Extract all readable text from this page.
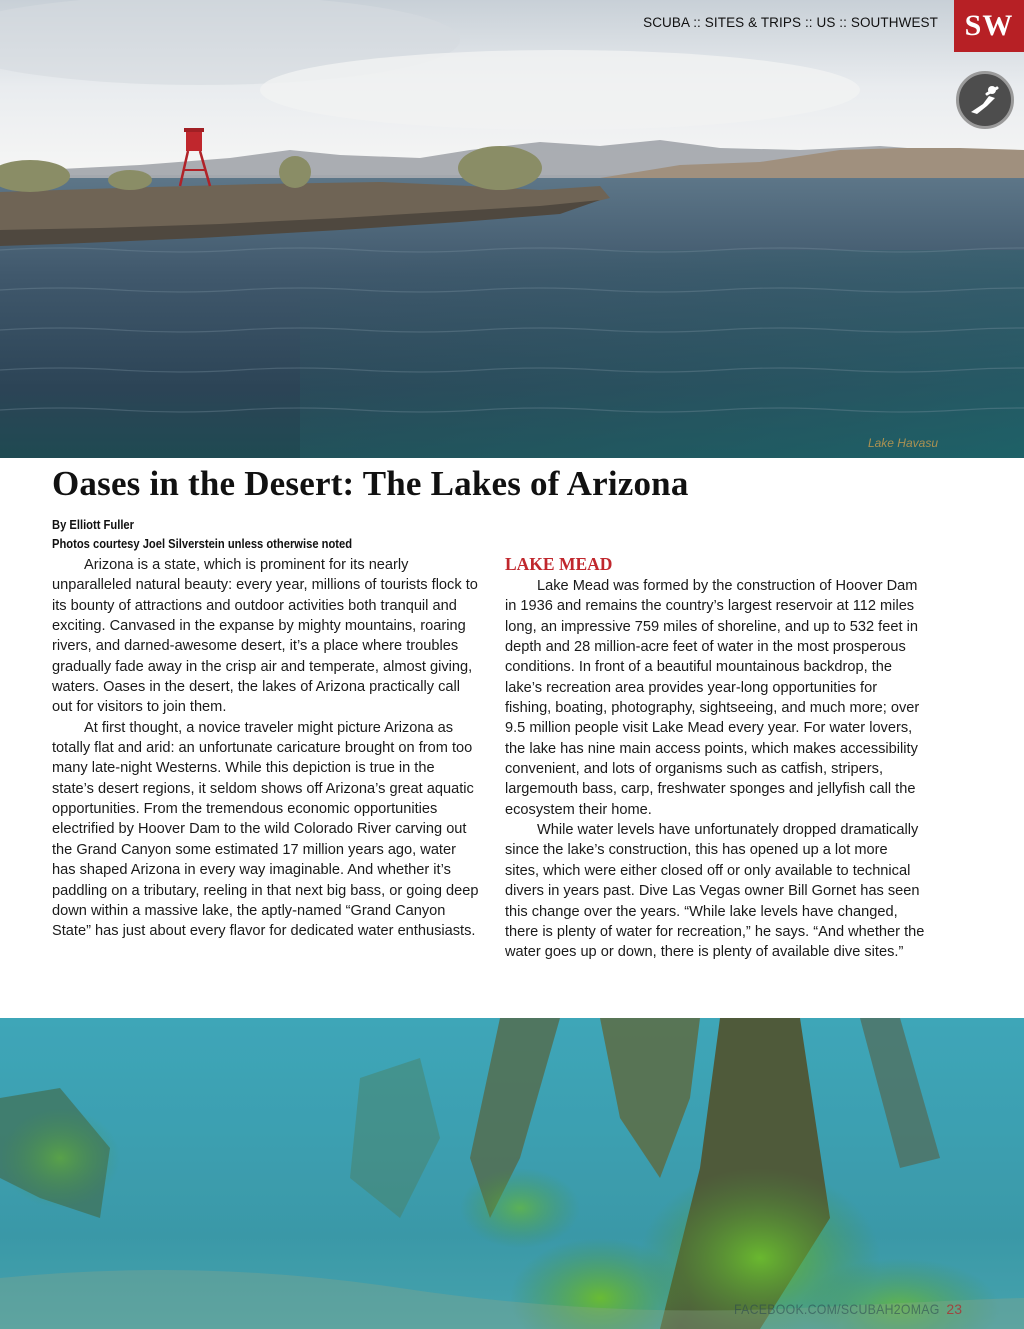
SCUBA :: SITES & TRIPS :: US :: SOUTHWEST SW
Lake Havasu
Oases in the Desert: The Lakes of Arizona
By Elliott Fuller
Photos courtesy Joel Silverstein unless otherwise noted

Arizona is a state, which is prominent for its nearly unparalleled natural beauty: every year, millions of tourists flock to its bounty of attractions and outdoor activities both tranquil and exciting. Canvased in the expanse by mighty mountains, roaring rivers, and darned-awesome desert, it’s a place where troubles gradually fade away in the crisp air and temperate, almost giving, waters. Oases in the desert, the lakes of Arizona practically call out for visitors to join them.

At first thought, a novice traveler might picture Arizona as totally flat and arid: an unfortunate caricature brought on from too many late-night Westerns. While this depiction is true in the state’s desert regions, it seldom shows off Arizona’s great aquatic opportunities. From the tremendous economic opportunities electrified by Hoover Dam to the wild Colorado River carving out the Grand Canyon some estimated 17 million years ago, water has shaped Arizona in every way imaginable. And whether it’s paddling on a tributary, reeling in that next big bass, or going deep down within a massive lake, the aptly-named “Grand Canyon State” has just about every flavor for dedicated water enthusiasts.

LAKE MEAD

Lake Mead was formed by the construction of Hoover Dam in 1936 and remains the country’s largest reservoir at 112 miles long, an impressive 759 miles of shoreline, and up to 532 feet in depth and 28 million-acre feet of water in the most prosperous conditions. In front of a beautiful mountainous backdrop, the lake’s recreation area provides year-long opportunities for fishing, boating, photography, sightseeing, and much more; over 9.5 million people visit Lake Mead every year. For water lovers, the lake has nine main access points, which makes accessibility convenient, and lots of organisms such as catfish, stripers, largemouth bass, carp, freshwater sponges and jellyfish call the ecosystem their home.

While water levels have unfortunately dropped dramatically since the lake’s construction, this has opened up a lot more sites, which were either closed off or only available to technical divers in years past. Dive Las Vegas owner Bill Gornet has seen this change over the years. “While lake levels have changed, there is plenty of water for recreation,” he says. “And whether the water goes up or down, there is plenty of available dive sites.”

FACEBOOK.COM/SCUBAH2OMAG 23
